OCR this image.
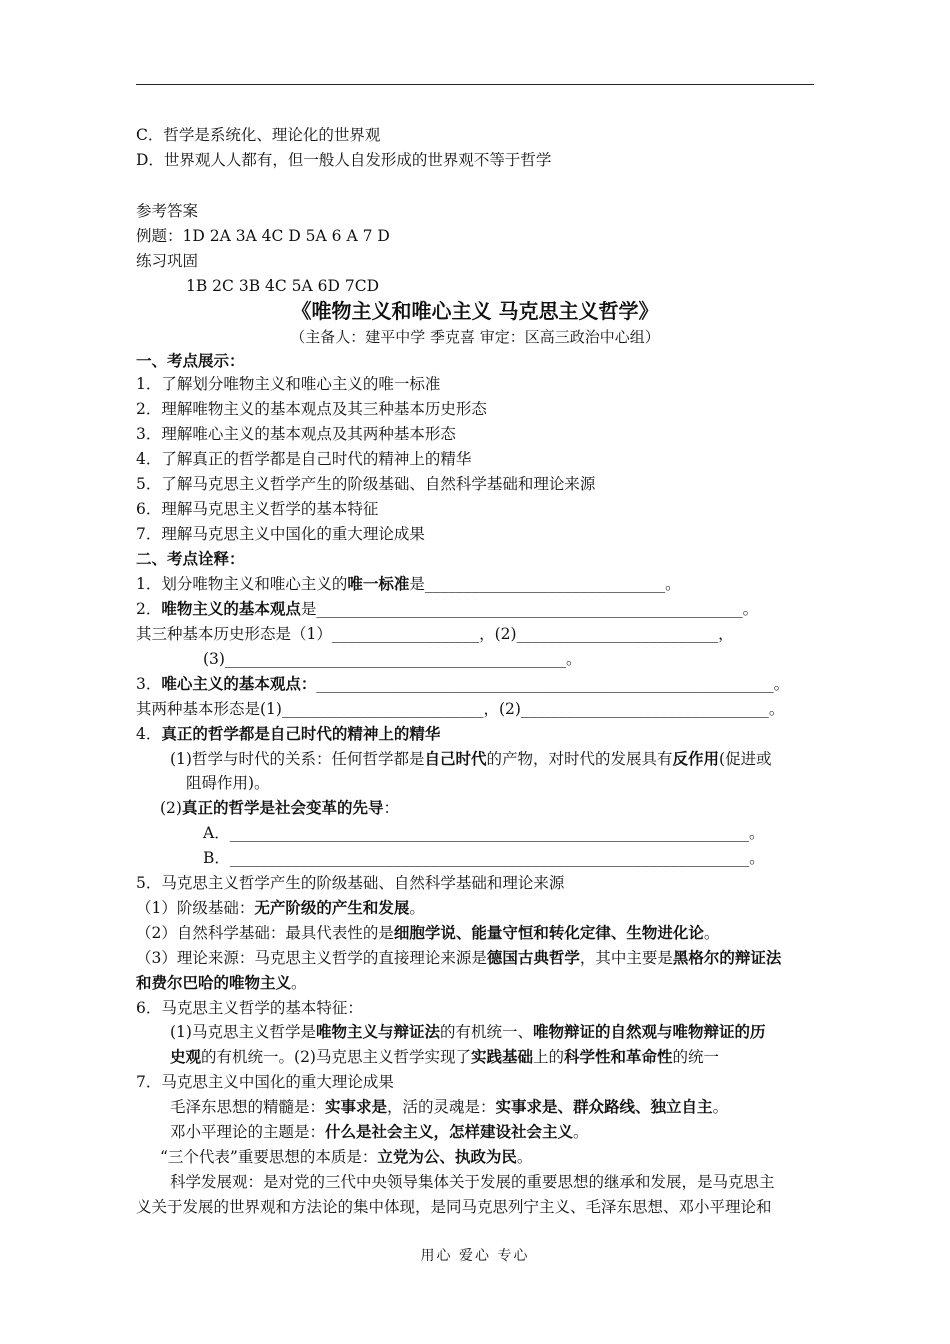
C．哲学是系统化、理论化的世界观
D．世界观人人都有，但一般人自发形成的世界观不等于哲学
参考答案
例题：1D 2A 3A 4C D 5A 6 A 7 D
练习巩固
1B 2C 3B 4C 5A 6D 7CD
《唯物主义和唯心主义 马克思主义哲学》
（主备人：建平中学 季克喜 审定：区高三政治中心组）
一、考点展示：
1．了解划分唯物主义和唯心主义的唯一标准
2．理解唯物主义的基本观点及其三种基本历史形态
3．理解唯心主义的基本观点及其两种基本形态
4．了解真正的哲学都是自己时代的精神上的精华
5．了解马克思主义哲学产生的阶级基础、自然科学基础和理论来源
6．理解马克思主义哲学的基本特征
7．理解马克思主义中国化的重大理论成果
二、考点诠释：
1．划分唯物主义和唯心主义的唯一标准是_______________________________。
2．唯物主义的基本观点是_______________________________________________________。
其三种基本历史形态是（1）___________________，(2)__________________________，
(3)____________________________________________。
3．唯心主义的基本观点：___________________________________________________________。
其两种基本形态是(1)__________________________，(2)________________________________。
4．真正的哲学都是自己时代的精神上的精华
(1)哲学与时代的关系：任何哲学都是自己时代的产物，对时代的发展具有反作用(促进或
阻碍作用)。
(2)真正的哲学是社会变革的先导：
A．___________________________________________________________________。
B．___________________________________________________________________。
5．马克思主义哲学产生的阶级基础、自然科学基础和理论来源
（1）阶级基础：无产阶级的产生和发展。
（2）自然科学基础：最具代表性的是细胞学说、能量守恒和转化定律、生物进化论。
（3）理论来源：马克思主义哲学的直接理论来源是德国古典哲学，其中主要是黑格尔的辩证法
和费尔巴哈的唯物主义。
6．马克思主义哲学的基本特征：
(1)马克思主义哲学是唯物主义与辩证法的有机统一、唯物辩证的自然观与唯物辩证的历
史观的有机统一。(2)马克思主义哲学实现了实践基础上的科学性和革命性的统一
7．马克思主义中国化的重大理论成果
毛泽东思想的精髓是：实事求是，活的灵魂是：实事求是、群众路线、独立自主。
邓小平理论的主题是：什么是社会主义，怎样建设社会主义。
“三个代表”重要思想的本质是：立党为公、执政为民。
科学发展观：是对党的三代中央领导集体关于发展的重要思想的继承和发展，是马克思主
义关于发展的世界观和方法论的集中体现，是同马克思列宁主义、毛泽东思想、邓小平理论和
用心 爱心 专心
